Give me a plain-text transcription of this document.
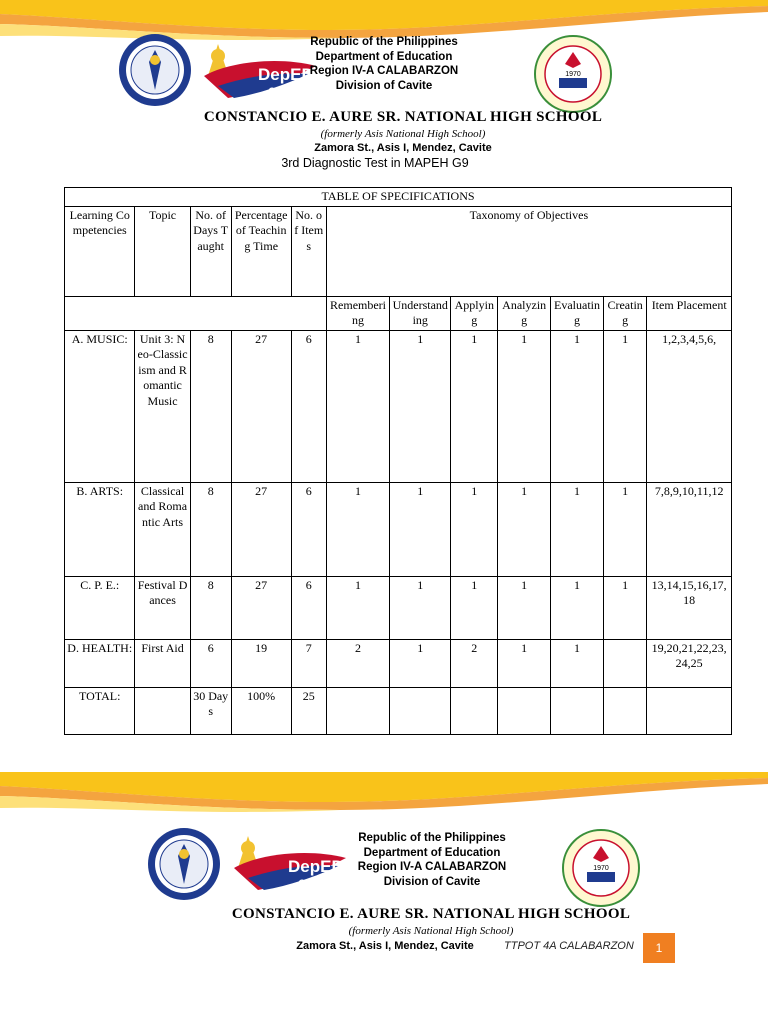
DepED
Cavite
1970
Republic of the Philippines
Department of Education
Region IV-A CALABARZON
Division of Cavite
CONSTANCIO E. AURE SR. NATIONAL HIGH SCHOOL
(formerly Asis National High School)
Zamora St., Asis I, Mendez, Cavite
3rd Diagnostic Test in MAPEH G9
TABLE OF SPECIFICATIONS											
Learning Competencies	Topic	No. of Days Taught	Percentage of Teaching Time	No. of Items	Taxonomy of Objectives						
					Remembering	Understanding	Applying	Analyzing	Evaluating	Creating	Item Placement
A. MUSIC:	Unit 3: Neo-Classicism and Romantic Music	8	27	6	1	1	1	1	1	1	1,2,3,4,5,6,
B. ARTS:	Classical and Romantic Arts	8	27	6	1	1	1	1	1	1	7,8,9,10,11,12
C. P. E.:	Festival Dances	8	27	6	1	1	1	1	1	1	13,14,15,16,17,18
D. HEALTH:	First Aid	6	19	7	2	1	2	1	1		19,20,21,22,23,24,25
TOTAL:		30 Days	100%	25							
DepED
Cavite
1970
Republic of the Philippines
Department of Education
Region IV-A CALABARZON
Division of Cavite
CONSTANCIO E. AURE SR. NATIONAL HIGH SCHOOL
(formerly Asis National High School)
Zamora St., Asis I, Mendez, Cavite	TTPOT 4A CALABARZON	1
